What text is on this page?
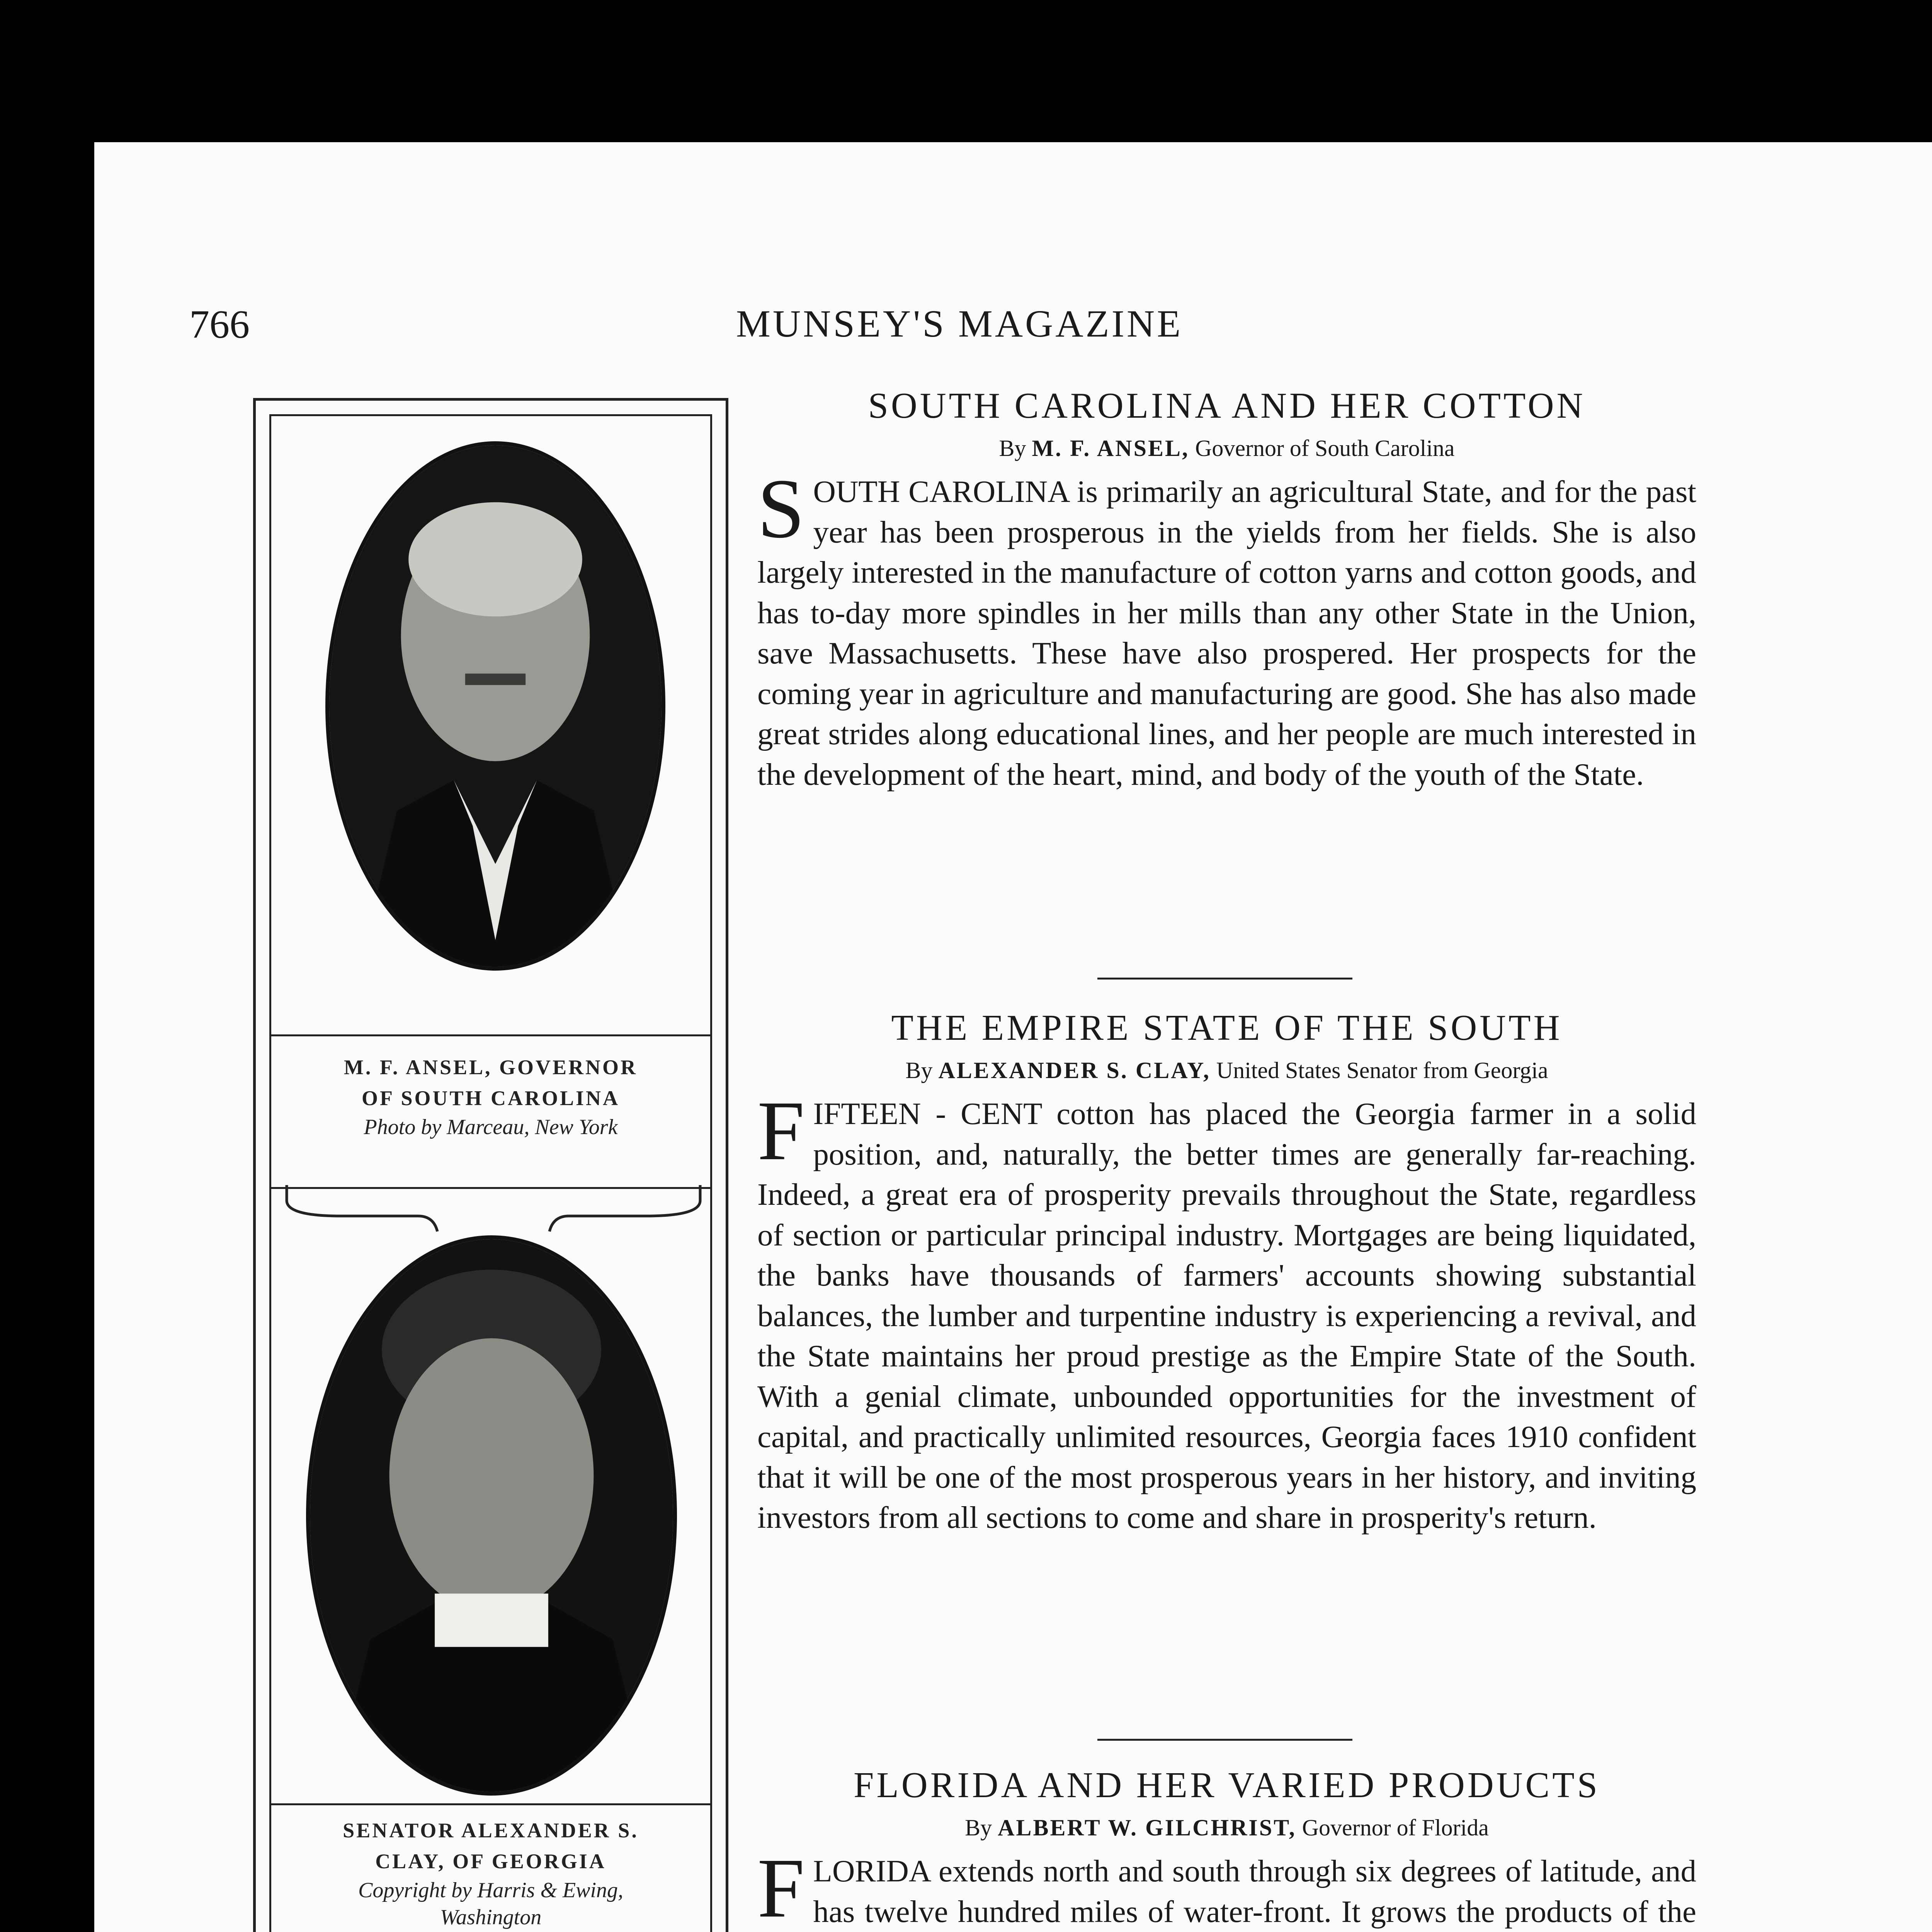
766	MUNSEY'S MAGAZINE
M. F. ANSEL, GOVERNOR
OF SOUTH CAROLINA
Photo by Marceau, New York
SENATOR ALEXANDER S.
CLAY, OF GEORGIA
Copyright by Harris & Ewing,
Washington
SOUTH CAROLINA AND HER COTTON

By M. F. ANSEL, Governor of South Carolina

SOUTH CAROLINA is primarily an agricultural State, and for the past year has been prosperous in the yields from her fields. She is also largely interested in the manufacture of cotton yarns and cotton goods, and has to-day more spindles in her mills than any other State in the Union, save Massachusetts. These have also prospered. Her prospects for the coming year in agriculture and manufacturing are good. She has also made great strides along educational lines, and her people are much interested in the development of the heart, mind, and body of the youth of the State.

THE EMPIRE STATE OF THE SOUTH

By ALEXANDER S. CLAY, United States Senator from Georgia

FIFTEEN - CENT cotton has placed the Georgia farmer in a solid position, and, naturally, the better times are generally far-reaching. Indeed, a great era of prosperity prevails throughout the State, regardless of section or particular principal industry. Mortgages are being liquidated, the banks have thousands of farmers' accounts showing substantial balances, the lumber and turpentine industry is experiencing a revival, and the State maintains her proud prestige as the Empire State of the South. With a genial climate, unbounded opportunities for the investment of capital, and practically unlimited resources, Georgia faces 1910 confident that it will be one of the most prosperous years in her history, and inviting investors from all sections to come and share in prosperity's return.

FLORIDA AND HER VARIED PRODUCTS

By ALBERT W. GILCHRIST, Governor of Florida

FLORIDA extends north and south through six degrees of latitude, and has twelve hundred miles of water-front. It grows the products of the
